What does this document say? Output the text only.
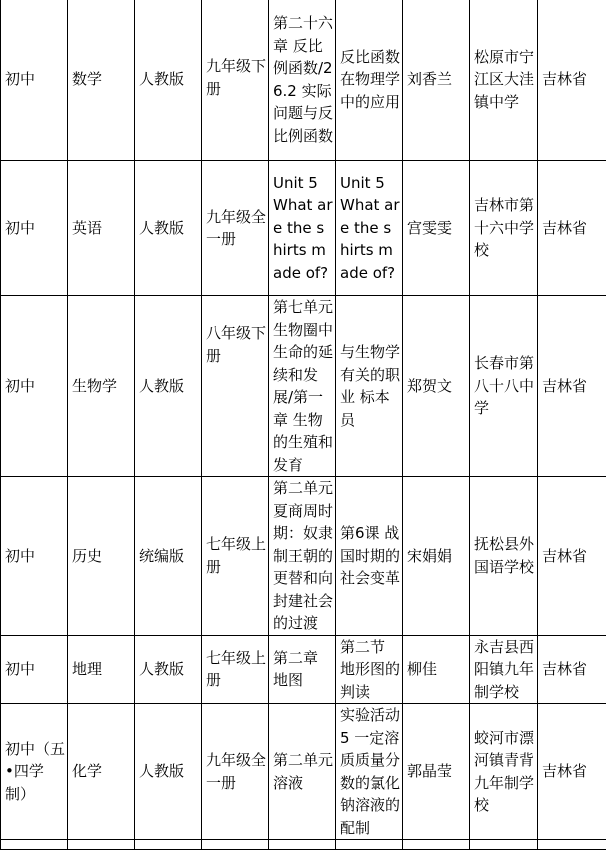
初中	数学	人教版	九年级下册	第二十六章 反比例函数/26.2 实际问题与反比例函数	反比函数在物理学中的应用	刘香兰	松原市宁江区大洼镇中学	吉林省
初中	英语	人教版	九年级全一册	Unit 5 What are the shirts made of?	Unit 5 What are the shirts made of?	宫雯雯	吉林市第十六中学校	吉林省
初中	生物学	人教版	八年级下册	第七单元 生物圈中生命的延续和发展/第一章 生物的生殖和发育	与生物学有关的职业 标本员	郑贺文	长春市第八十八中学	吉林省
初中	历史	统编版	七年级上册	第二单元 夏商周时期：奴隶制王朝的更替和向封建社会的过渡	第6课 战国时期的社会变革	宋娟娟	抚松县外国语学校	吉林省
初中	地理	人教版	七年级上册	第二章 地图	第二节 地形图的判读	柳佳	永吉县西阳镇九年制学校	吉林省
初中（五•四学制）	化学	人教版	九年级全一册	第二单元 溶液	实验活动5 一定溶质质量分数的氯化钠溶液的配制	郭晶莹	蛟河市漂河镇青背九年制学校	吉林省
